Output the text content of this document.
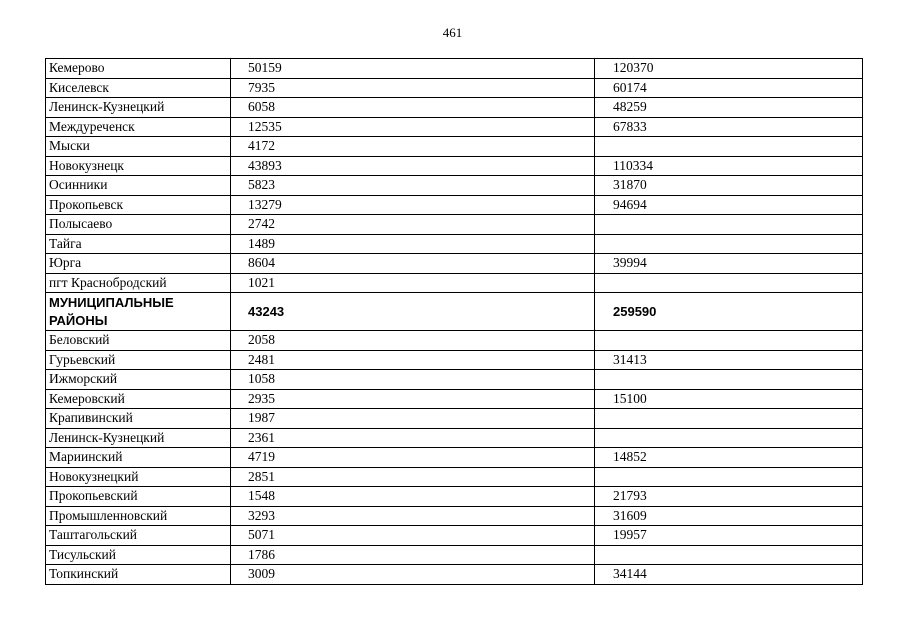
461
Кемерово	50159	120370
Киселевск	7935	60174
Ленинск-Кузнецкий	6058	48259
Междуреченск	12535	67833
Мыски	4172	
Новокузнецк	43893	110334
Осинники	5823	31870
Прокопьевск	13279	94694
Полысаево	2742	
Тайга	1489	
Юрга	8604	39994
пгт Краснобродский	1021	
МУНИЦИПАЛЬНЫЕ РАЙОНЫ	43243	259590
Беловский	2058	
Гурьевский	2481	31413
Ижморский	1058	
Кемеровский	2935	15100
Крапивинский	1987	
Ленинск-Кузнецкий	2361	
Мариинский	4719	14852
Новокузнецкий	2851	
Прокопьевский	1548	21793
Промышленновский	3293	31609
Таштагольский	5071	19957
Тисульский	1786	
Топкинский	3009	34144
